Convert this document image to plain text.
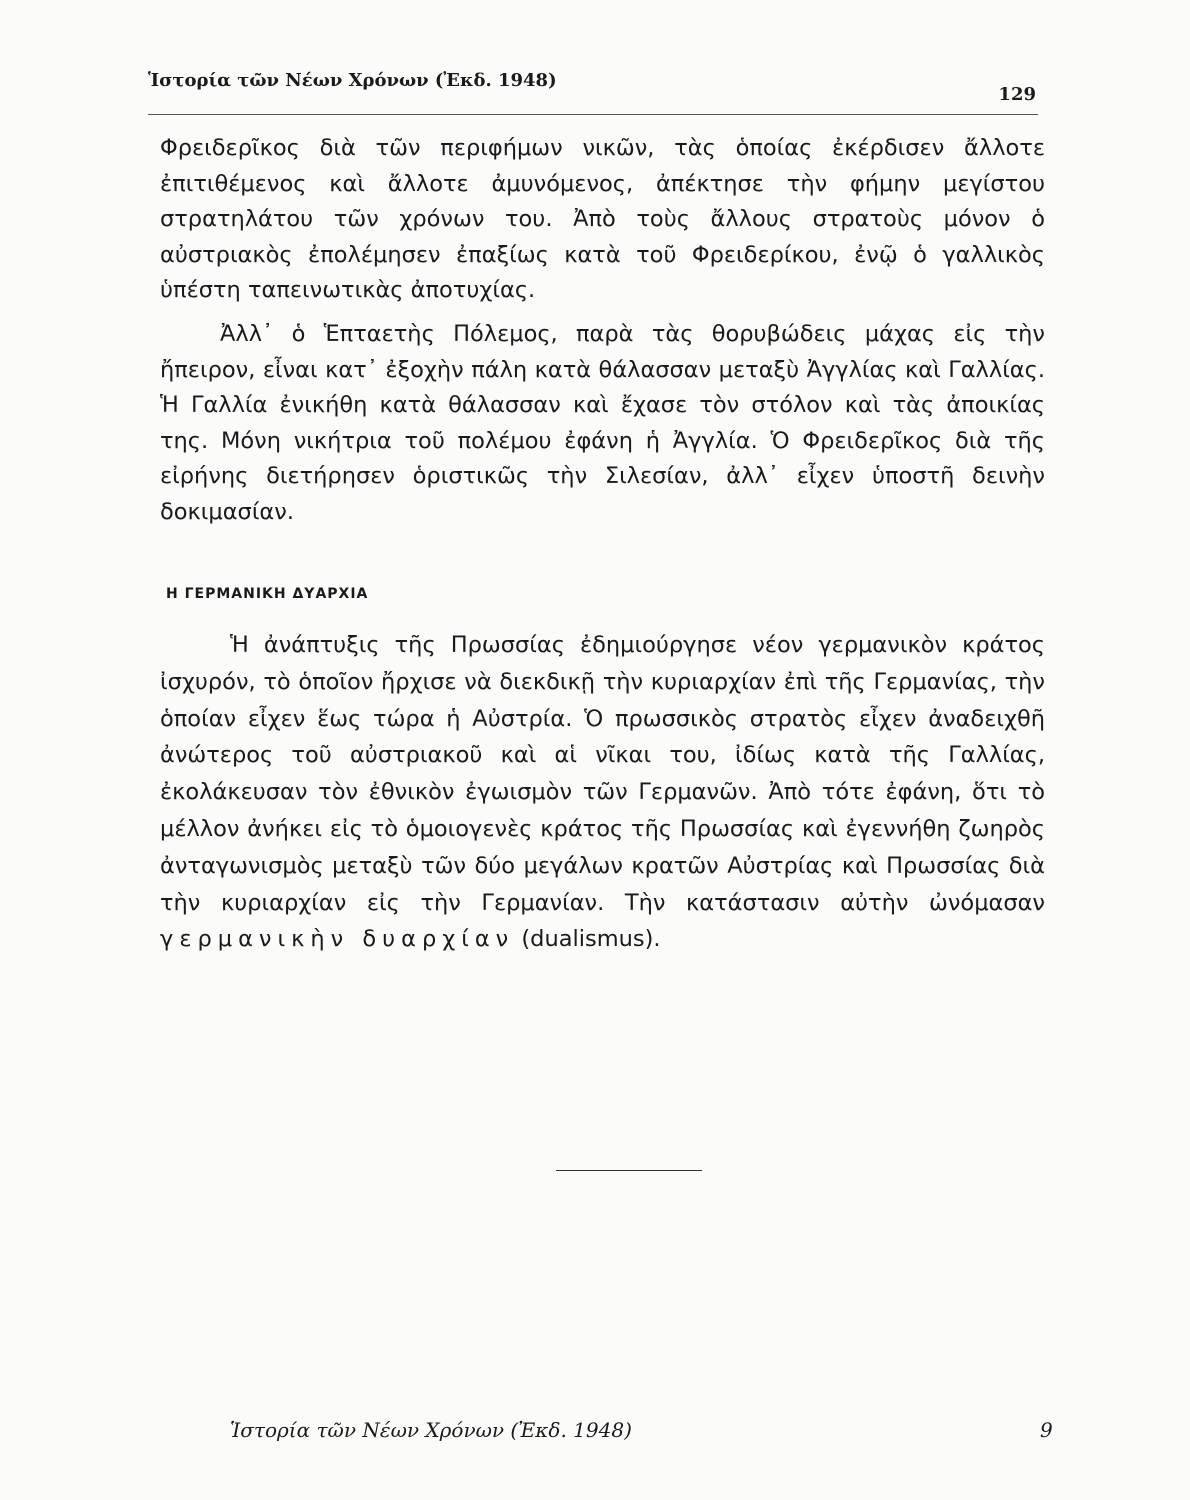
Ἱστορία τῶν Νέων Χρόνων (Ἐκδ. 1948)
129

Φρειδερῖκος διὰ τῶν περιφήμων νικῶν, τὰς ὁποίας ἐκέρδισεν ἄλλοτε ἐπιτιθέμενος καὶ ἄλλοτε ἀμυνόμενος, ἀπέκτησε τὴν φήμην μεγίστου στρατηλάτου τῶν χρόνων του. Ἀπὸ τοὺς ἄλλους στρατοὺς μόνον ὁ αὐστριακὸς ἐπολέμησεν ἐπαξίως κατὰ τοῦ Φρειδερίκου, ἐνῷ ὁ γαλλικὸς ὑπέστη ταπεινωτικὰς ἀποτυχίας.

Ἀλλ᾽ ὁ Ἑπταετὴς Πόλεμος, παρὰ τὰς θορυβώδεις μάχας εἰς τὴν ἤπειρον, εἶναι κατ᾽ ἐξοχὴν πάλη κατὰ θάλασσαν μεταξὺ Ἀγγλίας καὶ Γαλλίας. Ἡ Γαλλία ἐνικήθη κατὰ θάλασσαν καὶ ἔχασε τὸν στόλον καὶ τὰς ἀποικίας της. Μόνη νικήτρια τοῦ πολέμου ἐφάνη ἡ Ἀγγλία. Ὁ Φρειδερῖκος διὰ τῆς εἰρήνης διετήρησεν ὁριστικῶς τὴν Σιλεσίαν, ἀλλ᾽ εἶχεν ὑποστῆ δεινὴν δοκιμασίαν.

Η ΓΕΡΜΑΝΙΚΗ ΔΥΑΡΧΙΑ

Ἡ ἀνάπτυξις τῆς Πρωσσίας ἐδημιούργησε νέον γερμανικὸν κράτος ἰσχυρόν, τὸ ὁποῖον ἤρχισε νὰ διεκδικῇ τὴν κυριαρχίαν ἐπὶ τῆς Γερμανίας, τὴν ὁποίαν εἶχεν ἕως τώρα ἡ Αὐστρία. Ὁ πρωσσικὸς στρατὸς εἶχεν ἀναδειχθῆ ἀνώτερος τοῦ αὐστριακοῦ καὶ αἱ νῖκαι του, ἰδίως κατὰ τῆς Γαλλίας, ἐκολάκευσαν τὸν ἐθνικὸν ἐγωισμὸν τῶν Γερμανῶν. Ἀπὸ τότε ἐφάνη, ὅτι τὸ μέλλον ἀνήκει εἰς τὸ ὁμοιογενὲς κράτος τῆς Πρωσσίας καὶ ἐγεννήθη ζωηρὸς ἀνταγωνισμὸς μεταξὺ τῶν δύο μεγάλων κρατῶν Αὐστρίας καὶ Πρωσσίας διὰ τὴν κυριαρχίαν εἰς τὴν Γερμανίαν. Τὴν κατάστασιν αὐτὴν ὠνόμασαν γερμανικὴν δυαρχίαν (dualismus).

Ἱστορία τῶν Νέων Χρόνων (Ἐκδ. 1948)	9
